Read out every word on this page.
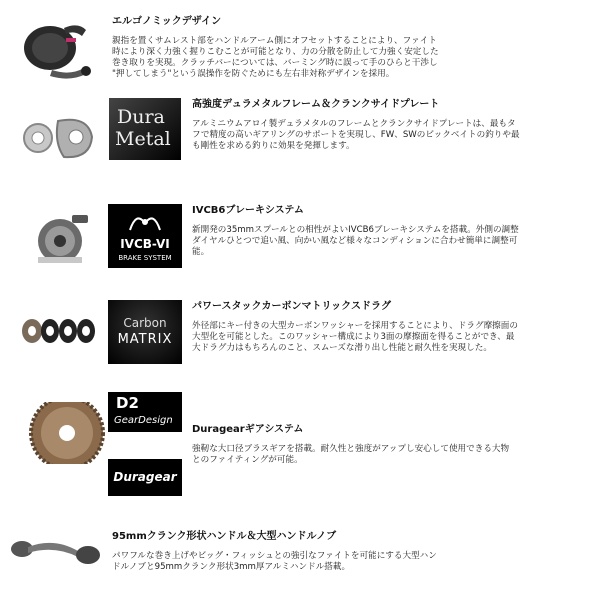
エルゴノミックデザイン
親指を置くサムレスト部をハンドルアーム側にオフセットすることにより、ファイト
時により深く力強く握りこむことが可能となり、力の分散を防止して力強く安定した
巻き取りを実現。クラッチバーについては、バーミング時に誤って手のひらと干渉し
"押してしまう"という誤操作を防ぐためにも左右非対称デザインを採用。
Dura
Metal
高強度デュラメタルフレーム＆クランクサイドプレート
アルミニウムアロイ製デュラメタルのフレームとクランクサイドプレートは、最もタ
フで精度の高いギアリングのサポートを実現し、FW、SWのビックベイトの釣りや最
も剛性を求める釣りに効果を発揮します。
IVCB-VI
BRAKE SYSTEM
IVCB6ブレーキシステム
新開発の35mmスプールとの相性がよいIVCB6ブレーキシステムを搭載。外側の調整
ダイヤルひとつで追い風、向かい風など様々なコンディションに合わせ簡単に調整可
能。
Carbon
MATRIX
パワースタックカーボンマトリックスドラグ
外径部にキー付きの大型カーボンワッシャーを採用することにより、ドラグ摩擦面の
大型化を可能とした。このワッシャー構成により3面の摩擦面を得ることができ、最
大ドラグ力はもちろんのこと、スムーズな滑り出し性能と耐久性を実現した。
D2
GearDesign
Duragear
Duragearギアシステム
強靭な大口径ブラスギアを搭載。耐久性と強度がアップし安心して使用できる大物
とのファイティングが可能。
95mmクランク形状ハンドル＆大型ハンドルノブ
パワフルな巻き上げやビッグ・フィッシュとの強引なファイトを可能にする大型ハン
ドルノブと95mmクランク形状3mm厚アルミハンドル搭載。
